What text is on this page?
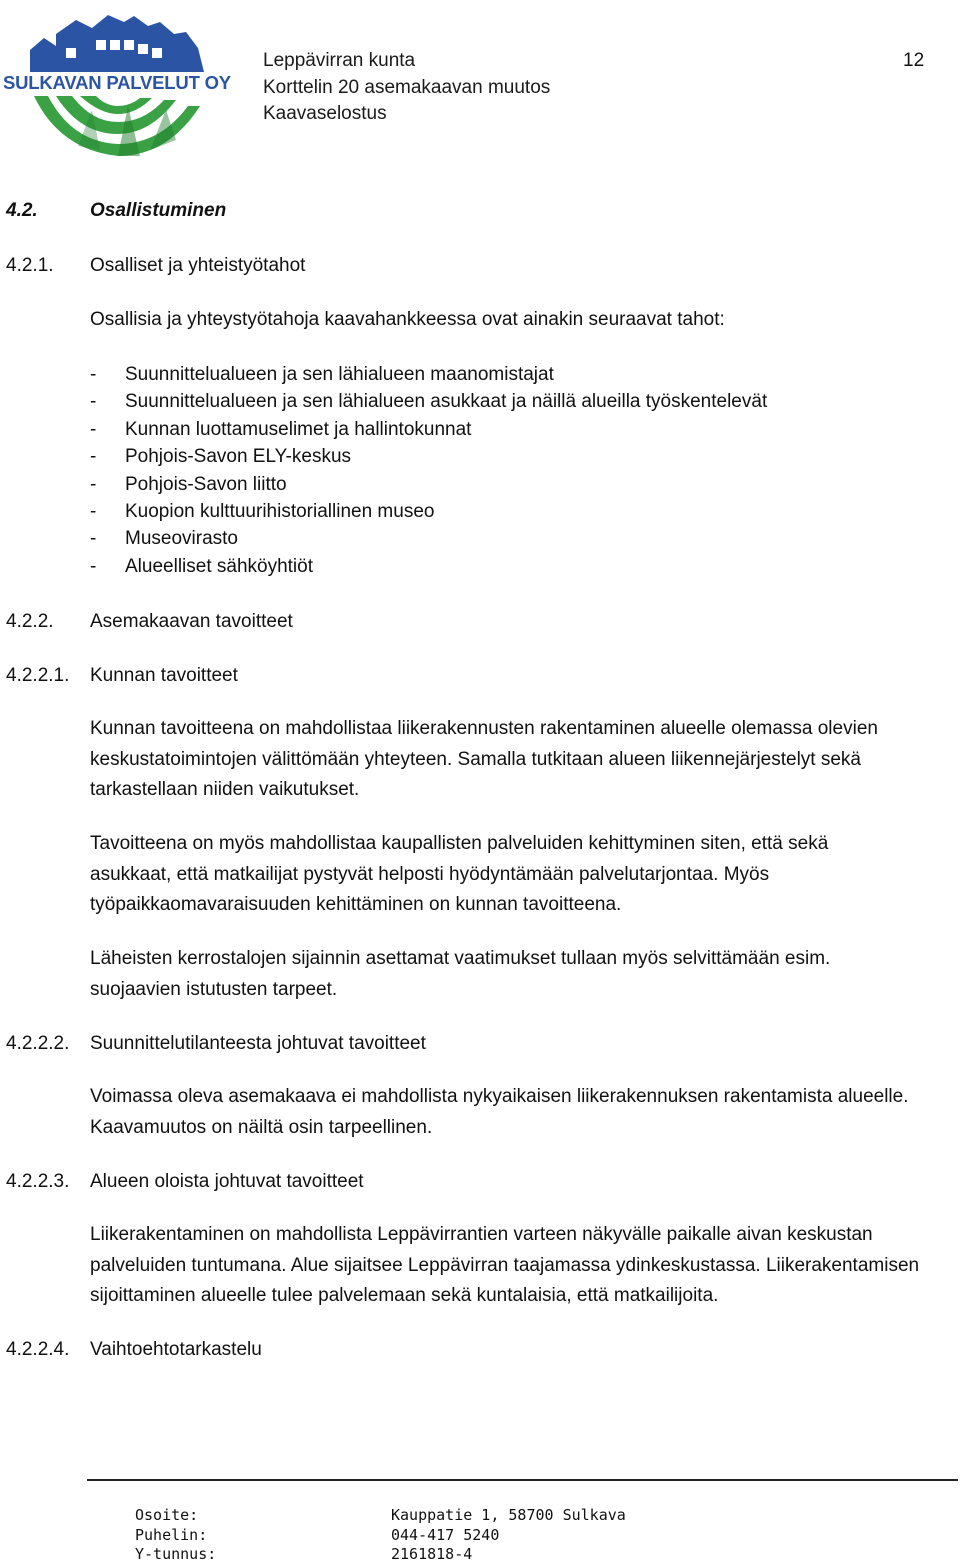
SULKAVAN PALVELUT OY
Leppävirran kunta
Korttelin 20 asemakaavan muutos
Kaavaselostus
12
4.2.	Osallistuminen
4.2.1. Osalliset ja yhteistyötahot
Osallisia ja yhteystyötahoja kaavahankkeessa ovat ainakin seuraavat tahot:
- Suunnittelualueen ja sen lähialueen maanomistajat
- Suunnittelualueen ja sen lähialueen asukkaat ja näillä alueilla työskentelevät
- Kunnan luottamuselimet ja hallintokunnat
- Pohjois-Savon ELY-keskus
- Pohjois-Savon liitto
- Kuopion kulttuurihistoriallinen museo
- Museovirasto
- Alueelliset sähköyhtiöt
4.2.2. Asemakaavan tavoitteet
4.2.2.1. Kunnan tavoitteet
Kunnan tavoitteena on mahdollistaa liikerakennusten rakentaminen alueelle olemassa olevien
keskustatoimintojen välittömään yhteyteen. Samalla tutkitaan alueen liikennejärjestelyt sekä
tarkastellaan niiden vaikutukset.
Tavoitteena on myös mahdollistaa kaupallisten palveluiden kehittyminen siten, että sekä
asukkaat, että matkailijat pystyvät helposti hyödyntämään palvelutarjontaa. Myös
työpaikkaomavaraisuuden kehittäminen on kunnan tavoitteena.
Läheisten kerrostalojen sijainnin asettamat vaatimukset tullaan myös selvittämään esim.
suojaavien istutusten tarpeet.
4.2.2.2. Suunnittelutilanteesta johtuvat tavoitteet
Voimassa oleva asemakaava ei mahdollista nykyaikaisen liikerakennuksen rakentamista alueelle.
Kaavamuutos on näiltä osin tarpeellinen.
4.2.2.3. Alueen oloista johtuvat tavoitteet
Liikerakentaminen on mahdollista Leppävirrantien varteen näkyvälle paikalle aivan keskustan
palveluiden tuntumana. Alue sijaitsee Leppävirran taajamassa ydinkeskustassa. Liikerakentamisen
sijoittaminen alueelle tulee palvelemaan sekä kuntalaisia, että matkailijoita.
4.2.2.4. Vaihtoehtotarkastelu
Osoite:
Puhelin:
Y-tunnus:
Kauppatie 1, 58700 Sulkava
044-417 5240
2161818-4
